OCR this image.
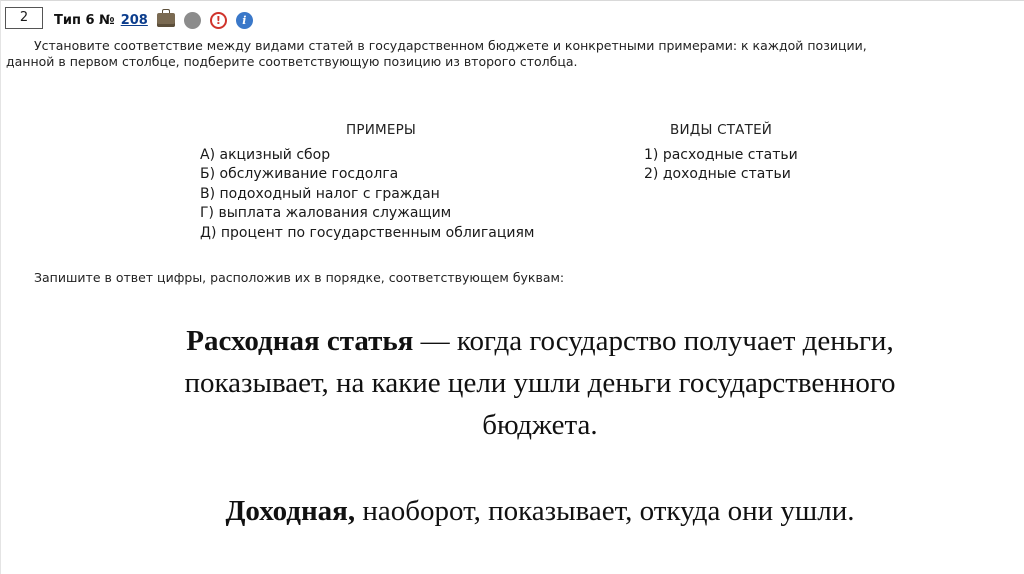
2	Тип 6 № 208	!	i

Установите соответствие между видами статей в государственном бюджете и конкретными примерами: к каждой позиции,

данной в первом столбце, подберите соответствующую позицию из второго столбца.
ПРИМЕРЫ
А) акцизный сбор
Б) обслуживание госдолга
В) подоходный налог с граждан
Г) выплата жалования служащим
Д) процент по государственным облигациям
ВИДЫ СТАТЕЙ
1) расходные статьи
2) доходные статьи
Запишите в ответ цифры, расположив их в порядке, соответствующем буквам:
Расходная статья — когда государство получает деньги,
показывает, на какие цели ушли деньги государственного
бюджета.
Доходная, наоборот, показывает, откуда они ушли.
